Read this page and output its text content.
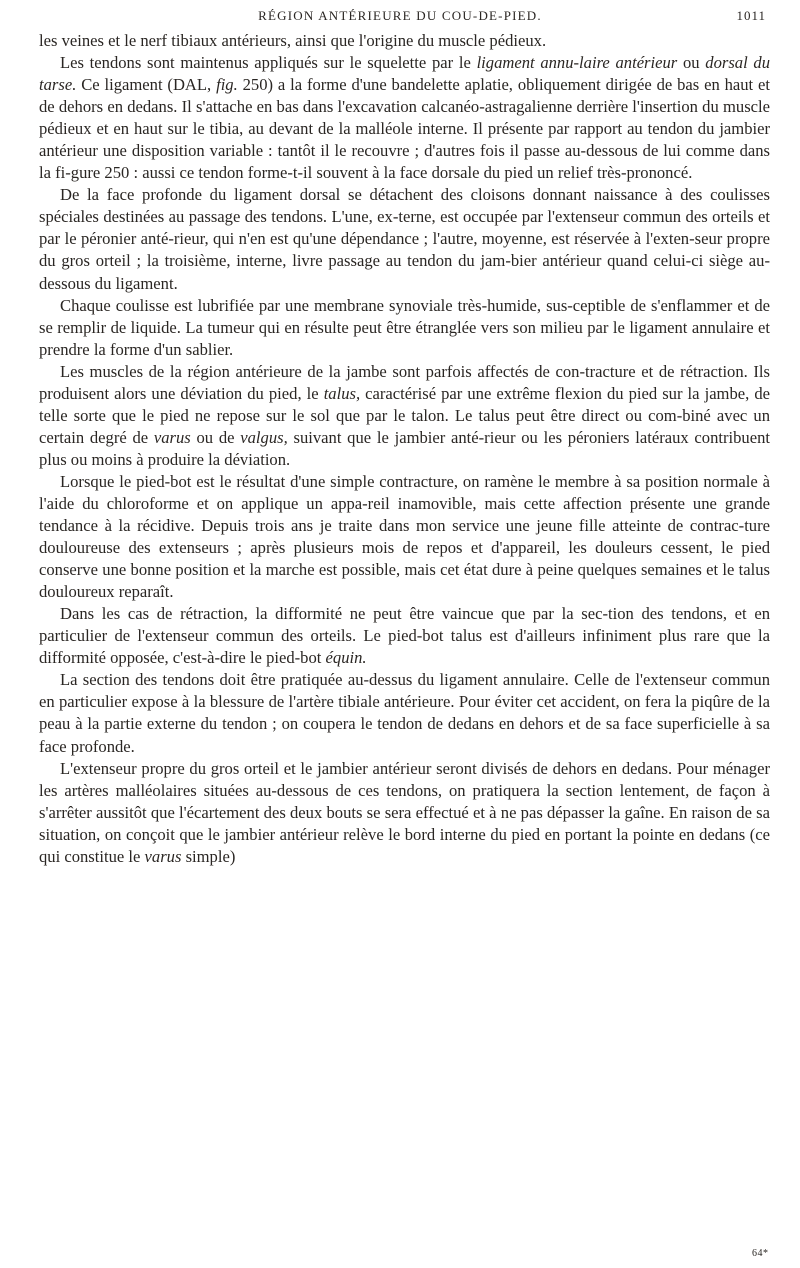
RÉGION ANTÉRIEURE DU COU-DE-PIED.	1011

les veines et le nerf tibiaux antérieurs, ainsi que l'origine du muscle pédieux.

Les tendons sont maintenus appliqués sur le squelette par le ligament annu-laire antérieur ou dorsal du tarse. Ce ligament (DAL, fig. 250) a la forme d'une bandelette aplatie, obliquement dirigée de bas en haut et de dehors en dedans. Il s'attache en bas dans l'excavation calcanéo-astragalienne derrière l'insertion du muscle pédieux et en haut sur le tibia, au devant de la malléole interne. Il présente par rapport au tendon du jambier antérieur une disposition variable : tantôt il le recouvre ; d'autres fois il passe au-dessous de lui comme dans la fi-gure 250 : aussi ce tendon forme-t-il souvent à la face dorsale du pied un relief très-prononcé.

De la face profonde du ligament dorsal se détachent des cloisons donnant naissance à des coulisses spéciales destinées au passage des tendons. L'une, ex-terne, est occupée par l'extenseur commun des orteils et par le péronier anté-rieur, qui n'en est qu'une dépendance ; l'autre, moyenne, est réservée à l'exten-seur propre du gros orteil ; la troisième, interne, livre passage au tendon du jam-bier antérieur quand celui-ci siège au-dessous du ligament.

Chaque coulisse est lubrifiée par une membrane synoviale très-humide, sus-ceptible de s'enflammer et de se remplir de liquide. La tumeur qui en résulte peut être étranglée vers son milieu par le ligament annulaire et prendre la forme d'un sablier.

Les muscles de la région antérieure de la jambe sont parfois affectés de con-tracture et de rétraction. Ils produisent alors une déviation du pied, le talus, caractérisé par une extrême flexion du pied sur la jambe, de telle sorte que le pied ne repose sur le sol que par le talon. Le talus peut être direct ou com-biné avec un certain degré de varus ou de valgus, suivant que le jambier anté-rieur ou les péroniers latéraux contribuent plus ou moins à produire la déviation.

Lorsque le pied-bot est le résultat d'une simple contracture, on ramène le membre à sa position normale à l'aide du chloroforme et on applique un appa-reil inamovible, mais cette affection présente une grande tendance à la récidive. Depuis trois ans je traite dans mon service une jeune fille atteinte de contrac-ture douloureuse des extenseurs ; après plusieurs mois de repos et d'appareil, les douleurs cessent, le pied conserve une bonne position et la marche est possible, mais cet état dure à peine quelques semaines et le talus douloureux reparaît.

Dans les cas de rétraction, la difformité ne peut être vaincue que par la sec-tion des tendons, et en particulier de l'extenseur commun des orteils. Le pied-bot talus est d'ailleurs infiniment plus rare que la difformité opposée, c'est-à-dire le pied-bot équin.

La section des tendons doit être pratiquée au-dessus du ligament annulaire. Celle de l'extenseur commun en particulier expose à la blessure de l'artère tibiale antérieure. Pour éviter cet accident, on fera la piqûre de la peau à la partie externe du tendon ; on coupera le tendon de dedans en dehors et de sa face superficielle à sa face profonde.

L'extenseur propre du gros orteil et le jambier antérieur seront divisés de dehors en dedans. Pour ménager les artères malléolaires situées au-dessous de ces tendons, on pratiquera la section lentement, de façon à s'arrêter aussitôt que l'écartement des deux bouts se sera effectué et à ne pas dépasser la gaîne. En raison de sa situation, on conçoit que le jambier antérieur relève le bord interne du pied en portant la pointe en dedans (ce qui constitue le varus simple)

64*
